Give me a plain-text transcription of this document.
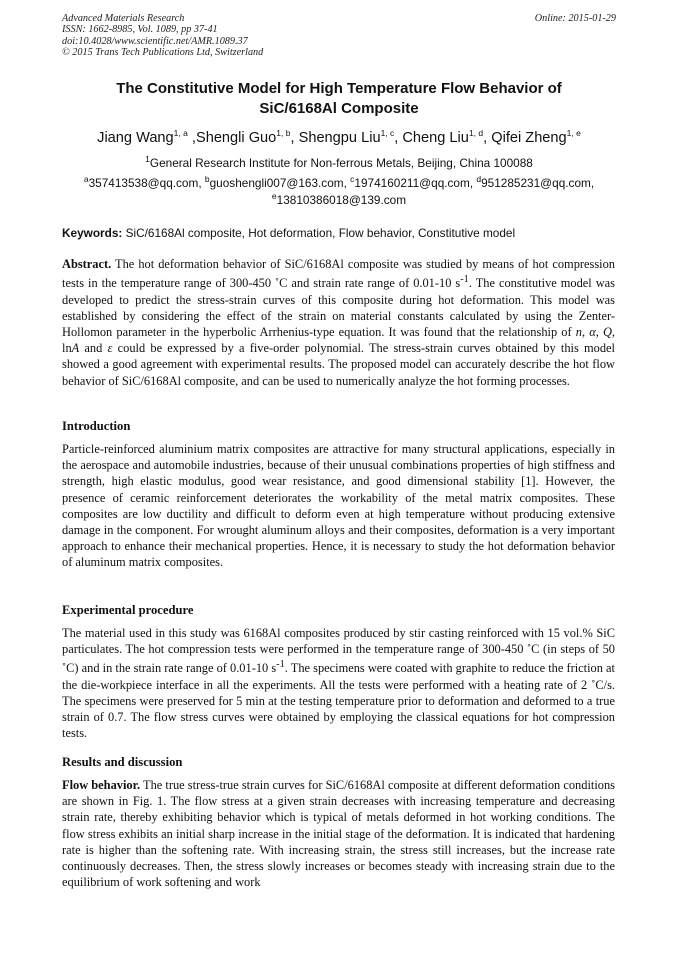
Advanced Materials Research
ISSN: 1662-8985, Vol. 1089, pp 37-41
doi:10.4028/www.scientific.net/AMR.1089.37
© 2015 Trans Tech Publications Ltd, Switzerland
Online: 2015-01-29
The Constitutive Model for High Temperature Flow Behavior of
SiC/6168Al Composite
Jiang Wang$^{1, a}$ ,Shengli Guo$^{1, b}$, Shengpu Liu$^{1, c}$, Cheng Liu$^{1, d}$, Qifei Zheng$^{1, e}$
$^1$General Research Institute for Non-ferrous Metals, Beijing, China 100088
$^a$357413538@qq.com, $^b$guoshengli007@163.com, $^c$1974160211@qq.com, $^d$951285231@qq.com,
$^e$13810386018@139.com
Keywords: SiC/6168Al composite, Hot deformation, Flow behavior, Constitutive model
Abstract. The hot deformation behavior of SiC/6168Al composite was studied by means of hot compression tests in the temperature range of 300-450 ˚C and strain rate range of 0.01-10 $s^{-1}$. The constitutive model was developed to predict the stress-strain curves of this composite during hot deformation. This model was established by considering the effect of the strain on material constants calculated by using the Zenter-Hollomon parameter in the hyperbolic Arrhenius-type equation. It was found that the relationship of n, α, Q, lnA and ε could be expressed by a five-order polynomial. The stress-strain curves obtained by this model showed a good agreement with experimental results. The proposed model can accurately describe the hot flow behavior of SiC/6168Al composite, and can be used to numerically analyze the hot forming processes.
Introduction
Particle-reinforced aluminium matrix composites are attractive for many structural applications, especially in the aerospace and automobile industries, because of their unusual combinations properties of high stiffness and strength, high elastic modulus, good wear resistance, and good dimensional stability [1]. However, the presence of ceramic reinforcement deteriorates the workability of the metal matrix composites. These composites are low ductility and difficult to deform even at high temperature without producing extensive damage in the component. For wrought aluminum alloys and their composites, deformation is a very important approach to enhance their mechanical properties. Hence, it is necessary to study the hot deformation behavior of aluminum matrix composites.
Experimental procedure
The material used in this study was 6168Al composites produced by stir casting reinforced with 15 vol.% SiC particulates. The hot compression tests were performed in the temperature range of 300-450 ˚C (in steps of 50 ˚C) and in the strain rate range of 0.01-10 $s^{-1}$. The specimens were coated with graphite to reduce the friction at the die-workpiece interface in all the experiments. All the tests were performed with a heating rate of 2 ˚C/s. The specimens were preserved for 5 min at the testing temperature prior to deformation and deformed to a true strain of 0.7. The flow stress curves were obtained by employing the classical equations for hot compression tests.
Results and discussion
Flow behavior. The true stress-true strain curves for SiC/6168Al composite at different deformation conditions are shown in Fig. 1. The flow stress at a given strain decreases with increasing temperature and decreasing strain rate, thereby exhibiting behavior which is typical of metals deformed in hot working conditions. The flow stress exhibits an initial sharp increase in the initial stage of the deformation. It is indicated that hardening rate is higher than the softening rate. With increasing strain, the stress still increases, but the increase rate continuously decreases. Then, the stress slowly increases or becomes steady with increasing strain due to the equilibrium of work softening and work
